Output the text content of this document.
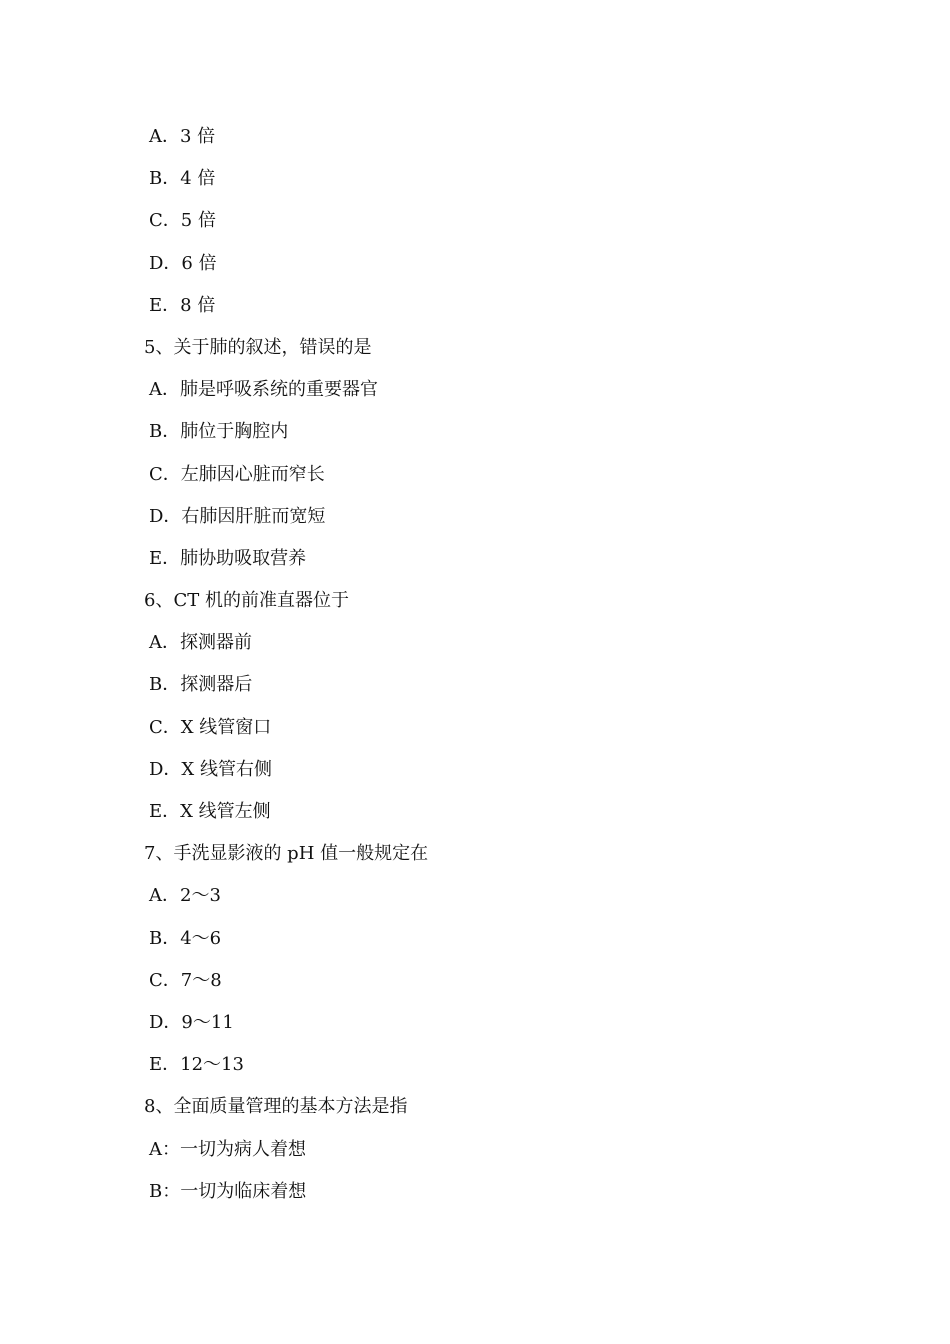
A．3 倍
B．4 倍
C．5 倍
D．6 倍
E．8 倍
5、关于肺的叙述，错误的是
A．肺是呼吸系统的重要器官
B．肺位于胸腔内
C．左肺因心脏而窄长
D．右肺因肝脏而宽短
E．肺协助吸取营养
6、CT 机的前准直器位于
A．探测器前
B．探测器后
C．X 线管窗口
D．X 线管右侧
E．X 线管左侧
7、手洗显影液的 pH 值一般规定在
A．2～3
B．4～6
C．7～8
D．9～11
E．12～13
8、全面质量管理的基本方法是指
A：一切为病人着想
B：一切为临床着想
